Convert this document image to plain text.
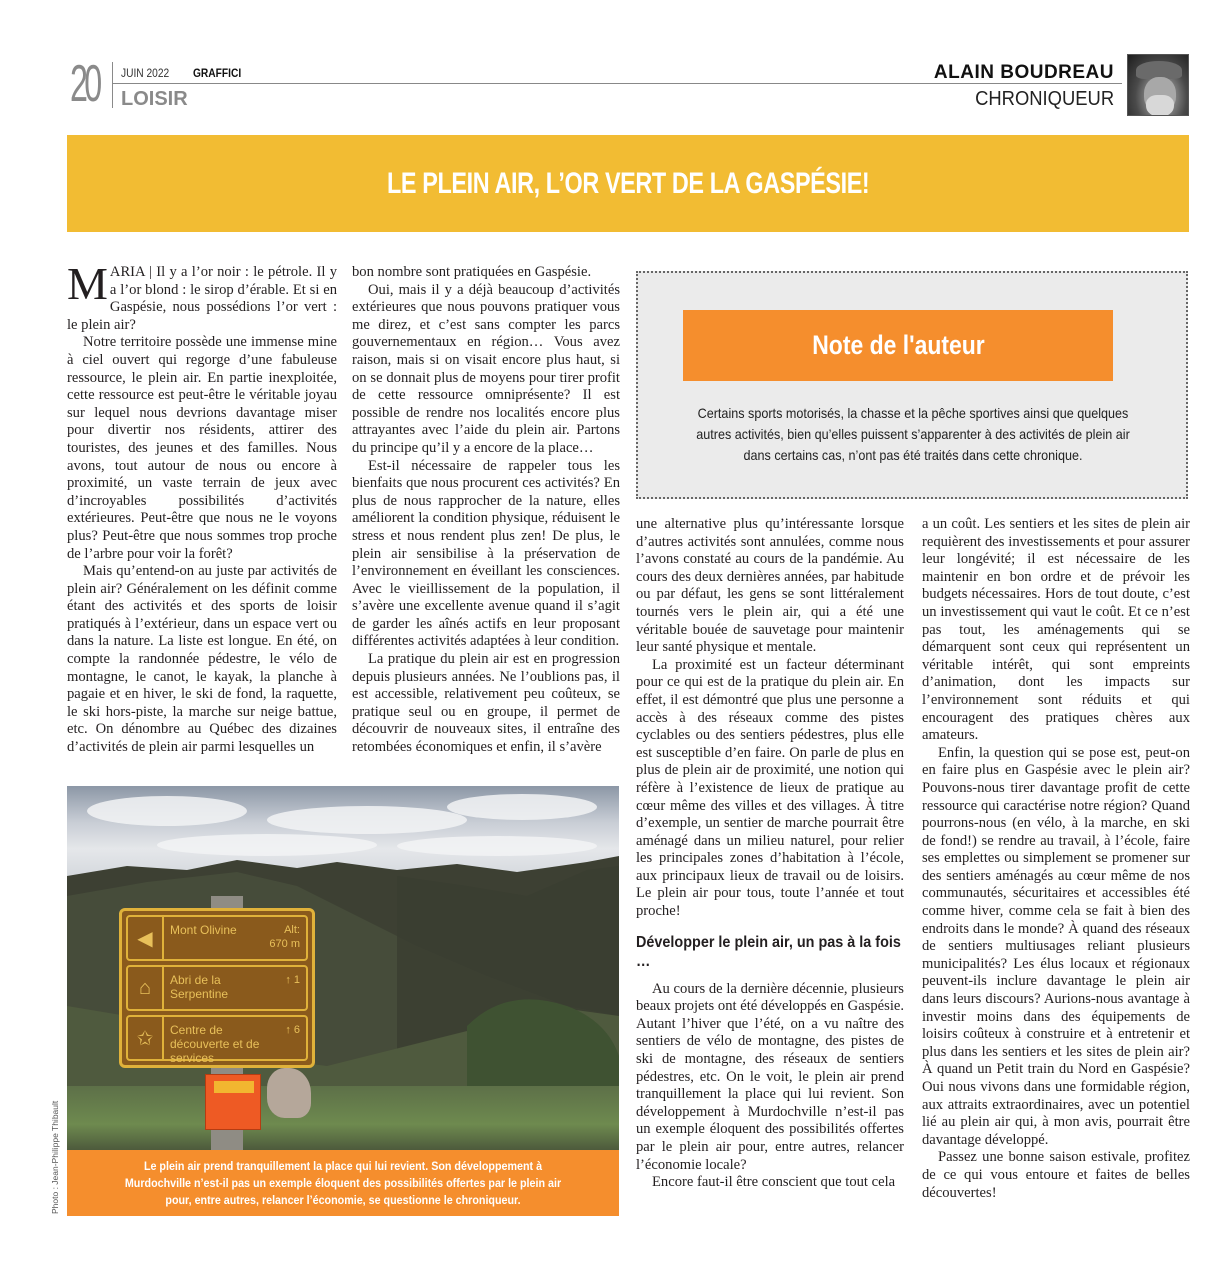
20 JUIN 2022 GRAFFICI
LOISIR
ALAIN BOUDREAU
CHRONIQUEUR
LE PLEIN AIR, L’OR VERT DE LA GASPÉSIE!

MARIA | Il y a l’or noir : le pétrole. Il y a l’or blond : le sirop d’érable. Et si en Gaspésie, nous possédions l’or vert : le plein air?

Notre territoire possède une immense mine à ciel ouvert qui regorge d’une fabuleuse ressource, le plein air. En partie inexploitée, cette ressource est peut-être le véritable joyau sur lequel nous devrions davantage miser pour divertir nos résidents, attirer des touristes, des jeunes et des familles. Nous avons, tout autour de nous ou encore à proximité, un vaste terrain de jeux avec d’incroyables possibilités d’activités extérieures. Peut-être que nous ne le voyons plus? Peut-être que nous sommes trop proche de l’arbre pour voir la forêt?

Mais qu’entend-on au juste par activités de plein air? Généralement on les définit comme étant des activités et des sports de loisir pratiqués à l’extérieur, dans un espace vert ou dans la nature. La liste est longue. En été, on compte la randonnée pédestre, le vélo de montagne, le canot, le kayak, la planche à pagaie et en hiver, le ski de fond, la raquette, le ski hors-piste, la marche sur neige battue, etc. On dénombre au Québec des dizaines d’activités de plein air parmi lesquelles un

bon nombre sont pratiquées en Gaspésie.

Oui, mais il y a déjà beaucoup d’activités extérieures que nous pouvons pratiquer vous me direz, et c’est sans compter les parcs gouvernementaux en région… Vous avez raison, mais si on visait encore plus haut, si on se donnait plus de moyens pour tirer profit de cette ressource omniprésente? Il est possible de rendre nos localités encore plus attrayantes avec l’aide du plein air. Partons du principe qu’il y a encore de la place…

Est-il nécessaire de rappeler tous les bienfaits que nous procurent ces activités? En plus de nous rapprocher de la nature, elles améliorent la condition physique, réduisent le stress et nous rendent plus zen! De plus, le plein air sensibilise à la préservation de l’environnement en éveillant les consciences. Avec le vieillissement de la population, il s’avère une excellente avenue quand il s’agit de garder les aînés actifs en leur proposant différentes activités adaptées à leur condition.

La pratique du plein air est en progression depuis plusieurs années. Ne l’oublions pas, il est accessible, relativement peu coûteux, se pratique seul ou en groupe, il permet de découvrir de nouveaux sites, il entraîne des retombées économiques et enfin, il s’avère

Note de l'auteur
Certains sports motorisés, la chasse et la pêche sportives ainsi que quelques autres activités, bien qu’elles puissent s’apparenter à des activités de plein air dans certains cas, n’ont pas été traités dans cette chronique.

une alternative plus qu’intéressante lorsque d’autres activités sont annulées, comme nous l’avons constaté au cours de la pandémie. Au cours des deux dernières années, par habitude ou par défaut, les gens se sont littéralement tournés vers le plein air, qui a été une véritable bouée de sauvetage pour maintenir leur santé physique et mentale.

La proximité est un facteur déterminant pour ce qui est de la pratique du plein air. En effet, il est démontré que plus une personne a accès à des réseaux comme des pistes cyclables ou des sentiers pédestres, plus elle est susceptible d’en faire. On parle de plus en plus de plein air de proximité, une notion qui réfère à l’existence de lieux de pratique au cœur même des villes et des villages. À titre d’exemple, un sentier de marche pourrait être aménagé dans un milieu naturel, pour relier les principales zones d’habitation à l’école, aux principaux lieux de travail ou de loisirs. Le plein air pour tous, toute l’année et tout proche!

Développer le plein air, un pas à la fois …

Au cours de la dernière décennie, plusieurs beaux projets ont été développés en Gaspésie. Autant l’hiver que l’été, on a vu naître des sentiers de vélo de montagne, des pistes de ski de montagne, des réseaux de sentiers pédestres, etc. On le voit, le plein air prend tranquillement la place qui lui revient. Son développement à Murdochville n’est-il pas un exemple éloquent des possibilités offertes par le plein air pour, entre autres, relancer l’économie locale?

Encore faut-il être conscient que tout cela

a un coût. Les sentiers et les sites de plein air requièrent des investissements et pour assurer leur longévité; il est nécessaire de les maintenir en bon ordre et de prévoir les budgets nécessaires. Hors de tout doute, c’est un investissement qui vaut le coût. Et ce n’est pas tout, les aménagements qui se démarquent sont ceux qui représentent un véritable intérêt, qui sont empreints d’animation, dont les impacts sur l’environnement sont réduits et qui encouragent des pratiques chères aux amateurs.

Enfin, la question qui se pose est, peut-on en faire plus en Gaspésie avec le plein air? Pouvons-nous tirer davantage profit de cette ressource qui caractérise notre région? Quand pourrons-nous (en vélo, à la marche, en ski de fond!) se rendre au travail, à l’école, faire ses emplettes ou simplement se promener sur des sentiers aménagés au cœur même de nos communautés, sécuritaires et accessibles été comme hiver, comme cela se fait à bien des endroits dans le monde? À quand des réseaux de sentiers multiusages reliant plusieurs municipalités? Les élus locaux et régionaux peuvent-ils inclure davantage le plein air dans leurs discours? Aurions-nous avantage à investir moins dans des équipements de loisirs coûteux à construire et à entretenir et plus dans les sentiers et les sites de plein air? À quand un Petit train du Nord en Gaspésie? Oui nous vivons dans une formidable région, aux attraits extraordinaires, avec un potentiel lié au plein air qui, à mon avis, pourrait être davantage développé.

Passez une bonne saison estivale, profitez de ce qui vous entoure et faites de belles découvertes!

◀	Mont Olivine	Alt: 670 m
⌂	Abri de la Serpentine
↑ 1
✩	Centre de découverte et de services
↑ 6

Le plein air prend tranquillement la place qui lui revient. Son développement à Murdochville n’est-il pas un exemple éloquent des possibilités offertes par le plein air pour, entre autres, relancer l’économie, se questionne le chroniqueur.

Photo : Jean-Philippe Thibault
